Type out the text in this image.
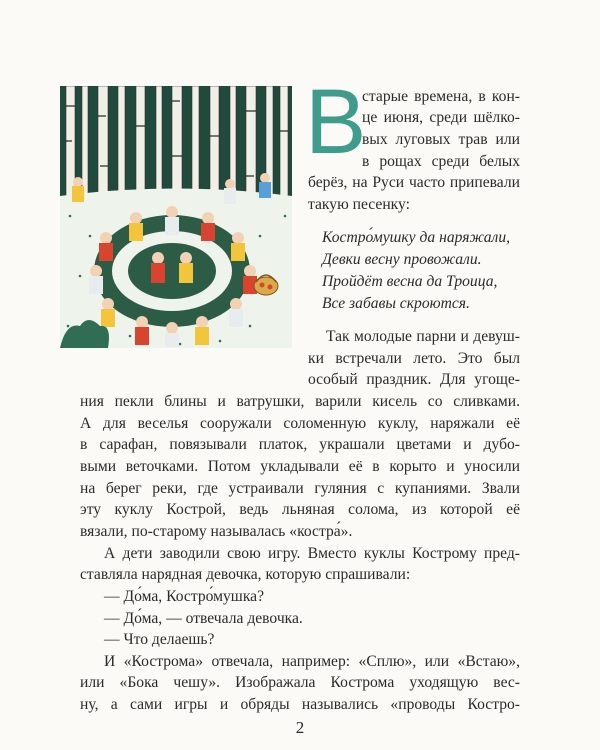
В
старые времена, в кон-
це июня, среди шёлко-
вых луговых трав или
в рощах среди белых
берёз, на Руси часто припевали
такую песенку:
Костро́мушку да наряжали,
Девки весну провожали.
Пройдёт весна да Троица,
Все забавы скроются.
Так молодые парни и девуш-
ки встречали лето. Это был
особый праздник. Для угоще-
ния пекли блины и ватрушки, варили кисель со сливками.
А для веселья сооружали соломенную куклу, наряжали её
в сарафан, повязывали платок, украшали цветами и дубо-
выми веточками. Потом укладывали её в корыто и уносили
на берег реки, где устраивали гуляния с купаниями. Звали
эту куклу Кострой, ведь льняная солома, из которой её
вязали, по-старому называлась «костра́».
А дети заводили свою игру. Вместо куклы Кострому пред-
ставляла нарядная девочка, которую спрашивали:
— До́ма, Костро́мушка?
— До́ма, — отвечала девочка.
— Что делаешь?
И «Кострома» отвечала, например: «Сплю», или «Встаю»,
или «Бока чешу». Изображала Кострома уходящую вес-
ну, а сами игры и обряды назывались «проводы Костро-
2
